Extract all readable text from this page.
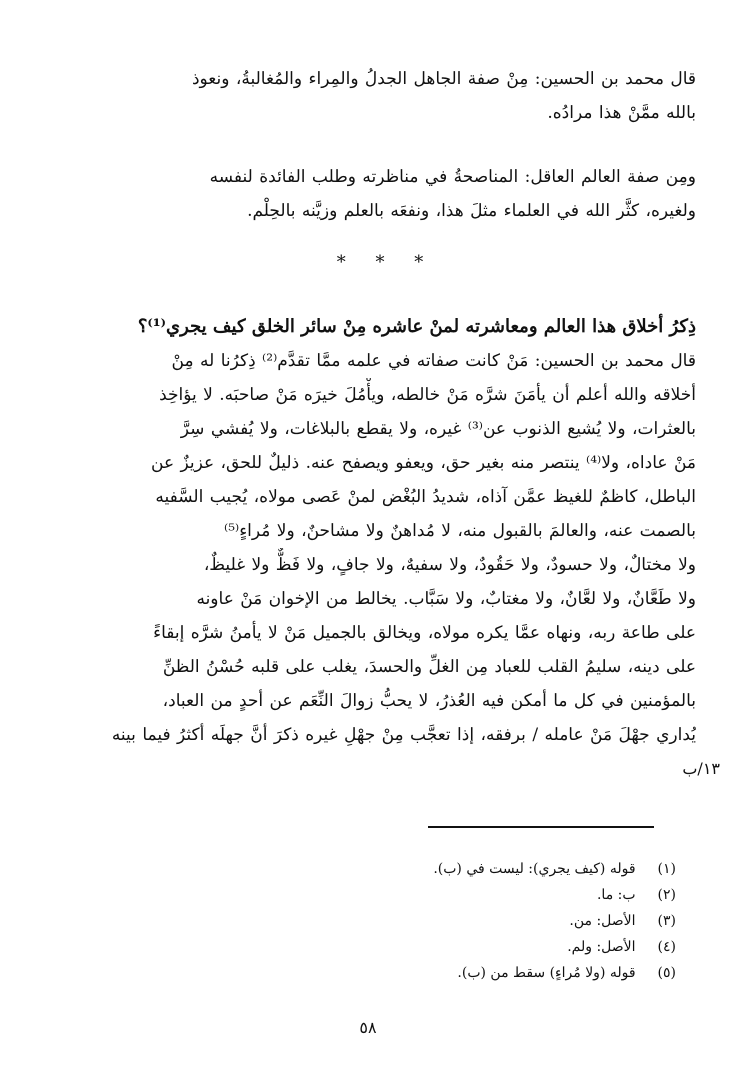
قال محمد بن الحسين: مِنْ صفة الجاهل الجدلُ والمِراء والمُغالبةُ، ونعوذ
بالله ممَّنْ هذا مرادُه.
ومِن صفة العالم العاقل: المناصحةُ في مناظرته وطلب الفائدة لنفسه
ولغيره، كثَّر الله في العلماء مثلَ هذا، ونفعَه بالعلم وزيَّنه بالحِلْم.
* * *
ذِكرُ أخلاق هذا العالم ومعاشرته لمنْ عاشره مِنْ سائر الخلق كيف يجري⁽¹⁾؟
قال محمد بن الحسين: مَنْ كانت صفاته في علمه ممَّا تقدَّم⁽²⁾ ذِكرُنا له مِنْ
أخلاقه والله أعلم أن يأمَنَ شرَّه مَنْ خالطه، ويأْمُلَ خيرَه مَنْ صاحبَه. لا يؤاخِذ
بالعثرات، ولا يُشيع الذنوب عن⁽³⁾ غيره، ولا يقطع بالبلاغات، ولا يُفشي سِرَّ
مَنْ عاداه، ولا⁽⁴⁾ ينتصر منه بغير حق، ويعفو ويصفح عنه. ذليلٌ للحق، عزيزٌ عن
الباطل، كاظمٌ للغيظ عمَّن آذاه، شديدُ البُغْض لمنْ عَصى مولاه، يُجيب السَّفيه
بالصمت عنه، والعالمَ بالقبول منه، لا مُداهنٌ ولا مشاحنٌ، ولا مُراءٍ⁽⁵⁾
ولا مختالٌ، ولا حسودٌ، ولا حَقُودٌ، ولا سفيهٌ، ولا جافٍ، ولا فَظٌّ ولا غليظٌ،
ولا طَعَّانٌ، ولا لعَّانٌ، ولا مغتابٌ، ولا سَبَّاب. يخالط من الإخوان مَنْ عاونه
على طاعة ربه، ونهاه عمَّا يكره مولاه، ويخالق بالجميل مَنْ لا يأمنُ شرَّه إبقاءً
على دينه، سليمُ القلب للعباد مِن الغلِّ والحسدَ، يغلب على قلبه حُسْنُ الظنِّ
بالمؤمنين في كل ما أمكن فيه العُذرُ، لا يحبُّ زوالَ النِّعَم عن أحدٍ من العباد،
يُداري جهْلَ مَنْ عامله / برفقه، إذا تعجَّب مِنْ جهْلِ غيره ذكرَ أنَّ جهلَه أكثرُ فيما بينه
١٣/ب
(١) قوله (كيف يجري): ليست في (ب).
(٢) ب: ما.
(٣) الأصل: من.
(٤) الأصل: ولم.
(٥) قوله (ولا مُراءٍ) سقط من (ب).
٥٨
